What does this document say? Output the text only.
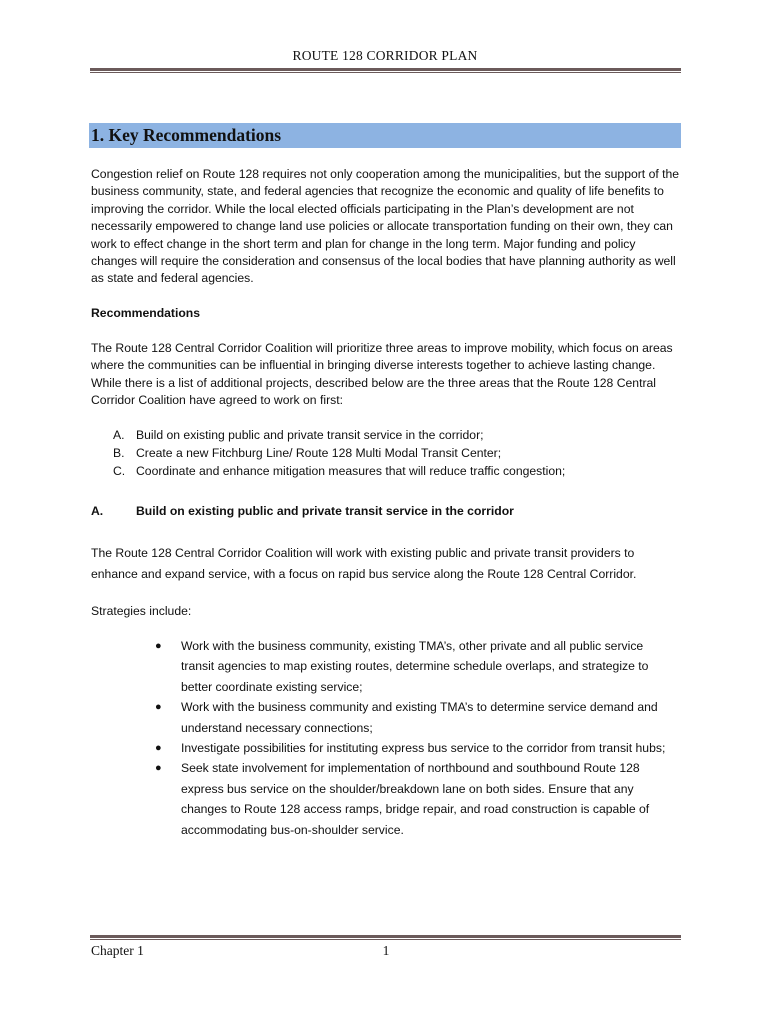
ROUTE 128 CORRIDOR PLAN
1. Key Recommendations
Congestion relief on Route 128 requires not only cooperation among the municipalities, but the support of the business community, state, and federal agencies that recognize the economic and quality of life benefits to improving the corridor. While the local elected officials participating in the Plan’s development are not necessarily empowered to change land use policies or allocate transportation funding on their own, they can work to effect change in the short term and plan for change in the long term. Major funding and policy changes will require the consideration and consensus of the local bodies that have planning authority as well as state and federal agencies.
Recommendations
The Route 128 Central Corridor Coalition will prioritize three areas to improve mobility, which focus on areas where the communities can be influential in bringing diverse interests together to achieve lasting change. While there is a list of additional projects, described below are the three areas that the Route 128 Central Corridor Coalition have agreed to work on first:
A. Build on existing public and private transit service in the corridor;
B. Create a new Fitchburg Line/ Route 128 Multi Modal Transit Center;
C. Coordinate and enhance mitigation measures that will reduce traffic congestion;
A.	Build on existing public and private transit service in the corridor
The Route 128 Central Corridor Coalition will work with existing public and private transit providers to enhance and expand service, with a focus on rapid bus service along the Route 128 Central Corridor.
Strategies include:
●	Work with the business community, existing TMA’s, other private and all public service transit agencies to map existing routes, determine schedule overlaps, and strategize to better coordinate existing service;
●	Work with the business community and existing TMA’s to determine service demand and understand necessary connections;
●	Investigate possibilities for instituting express bus service to the corridor from transit hubs;
●	Seek state involvement for implementation of northbound and southbound Route 128 express bus service on the shoulder/breakdown lane on both sides. Ensure that any changes to Route 128 access ramps, bridge repair, and road construction is capable of accommodating bus-on-shoulder service.
Chapter 1	1
